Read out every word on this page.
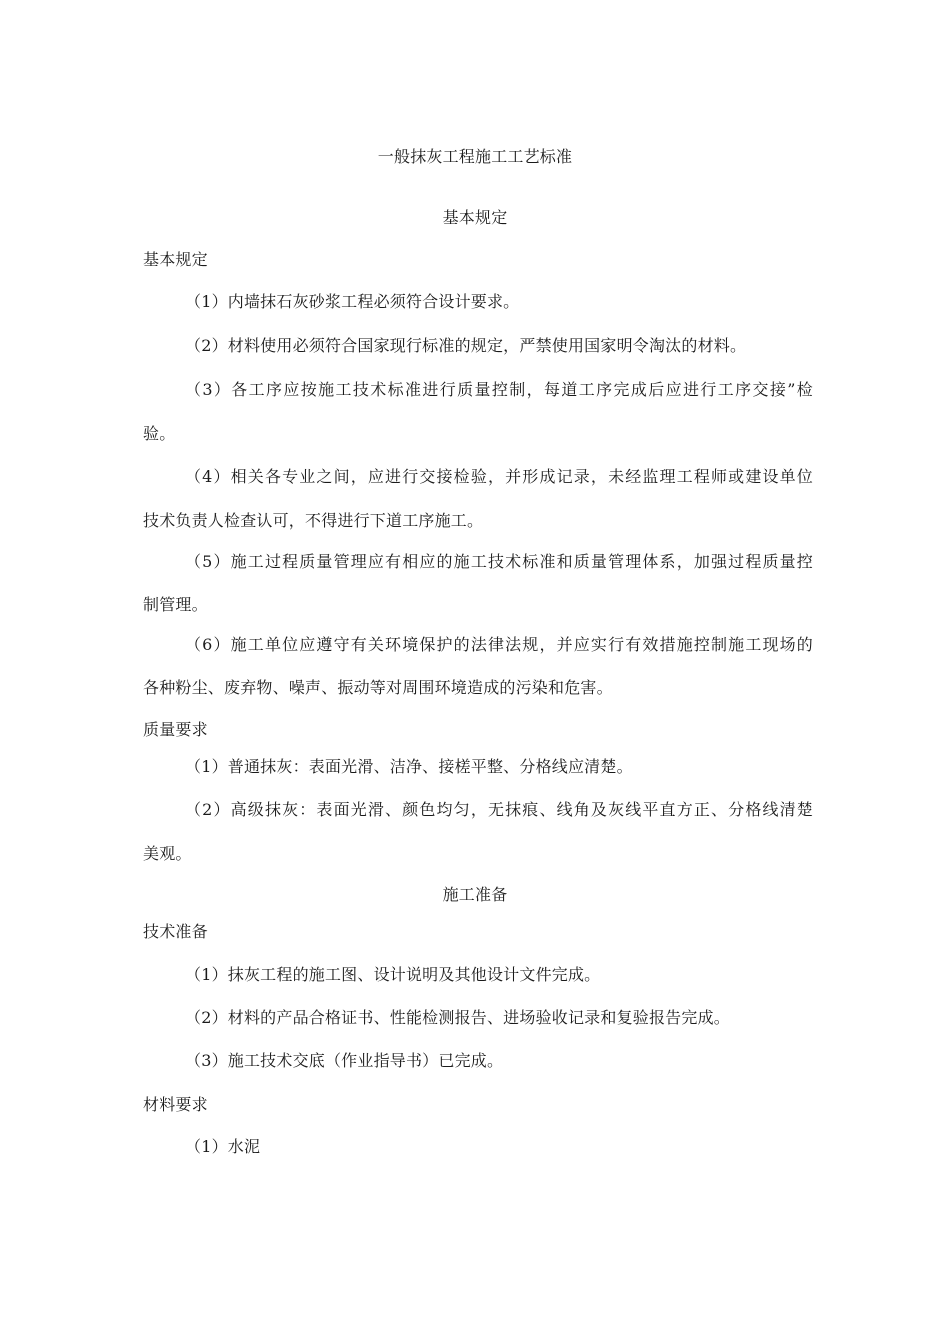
一般抹灰工程施工工艺标准
基本规定
基本规定
（1）内墙抹石灰砂浆工程必须符合设计要求。
（2）材料使用必须符合国家现行标准的规定，严禁使用国家明令淘汰的材料。
（3）各工序应按施工技术标准进行质量控制，每道工序完成后应进行工序交接”检
验。
（4）相关各专业之间，应进行交接检验，并形成记录，未经监理工程师或建设单位
技术负责人检查认可，不得进行下道工序施工。
（5）施工过程质量管理应有相应的施工技术标准和质量管理体系，加强过程质量控
制管理。
（6）施工单位应遵守有关环境保护的法律法规，并应实行有效措施控制施工现场的
各种粉尘、废弃物、噪声、振动等对周围环境造成的污染和危害。
质量要求
（1）普通抹灰：表面光滑、洁净、接槎平整、分格线应清楚。
（2）高级抹灰：表面光滑、颜色均匀，无抹痕、线角及灰线平直方正、分格线清楚
美观。
施工准备
技术准备
（1）抹灰工程的施工图、设计说明及其他设计文件完成。
（2）材料的产品合格证书、性能检测报告、进场验收记录和复验报告完成。
（3）施工技术交底（作业指导书）已完成。
材料要求
（1）水泥
